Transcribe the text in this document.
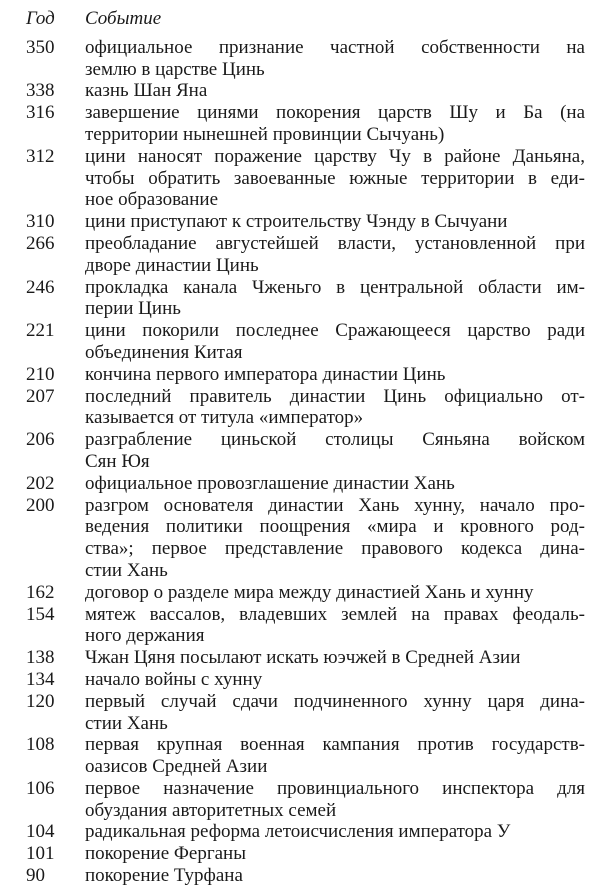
Год	Событие
350	официальное признание частной собственности на
землю в царстве Цинь
338	казнь Шан Яна
316	завершение цинями покорения царств Шу и Ба (на
территории нынешней провинции Сычуань)
312	цини наносят поражение царству Чу в районе Даньяна,
чтобы обратить завоеванные южные территории в еди-
ное образование
310	цини приступают к строительству Чэнду в Сычуани
266	преобладание августейшей власти, установленной при
дворе династии Цинь
246	прокладка канала Чженьго в центральной области им-
перии Цинь
221	цини покорили последнее Сражающееся царство ради
объединения Китая
210	кончина первого императора династии Цинь
207	последний правитель династии Цинь официально от-
казывается от титула «император»
206	разграбление циньской столицы Сяньяна войском
Сян Юя
202	официальное провозглашение династии Хань
200	разгром основателя династии Хань хунну, начало про-
ведения политики поощрения «мира и кровного род-
ства»; первое представление правового кодекса дина-
стии Хань
162	договор о разделе мира между династией Хань и хунну
154	мятеж вассалов, владевших землей на правах феодаль-
ного держания
138	Чжан Цяня посылают искать юэчжей в Средней Азии
134	начало войны с хунну
120	первый случай сдачи подчиненного хунну царя дина-
стии Хань
108	первая крупная военная кампания против государств-
оазисов Средней Азии
106	первое назначение провинциального инспектора для
обуздания авторитетных семей
104	радикальная реформа летоисчисления императора У
101	покорение Ферганы
90	покорение Турфана
